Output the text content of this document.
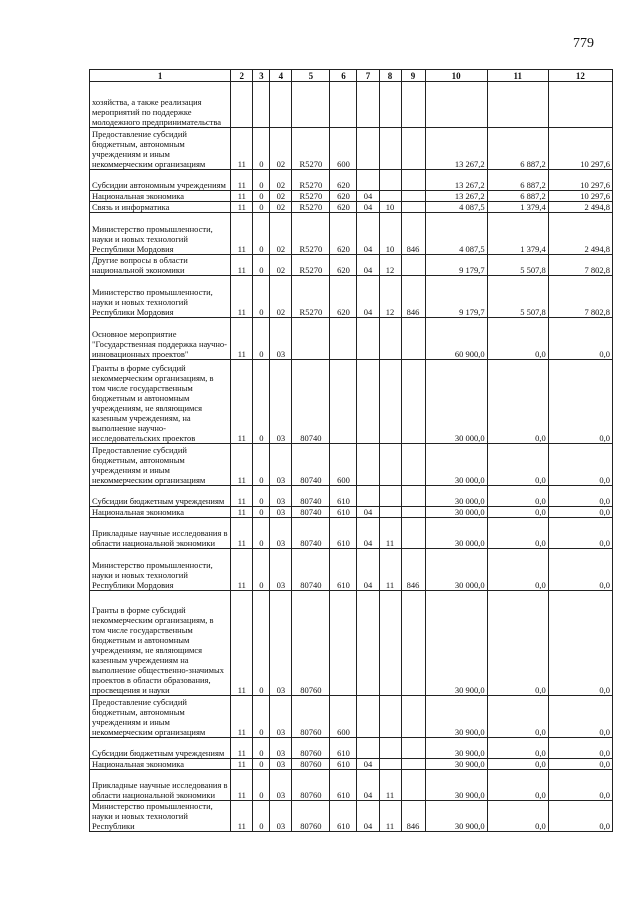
779
1	2	3	4	5	6	7	8	9	10	11	12
хозяйства, а также реализация мероприятий по поддержке молодежного предпринимательства											
Предоставление субсидий бюджетным, автономным учреждениям и иным некоммерческим организациям	11	0	02	R5270	600				13 267,2	6 887,2	10 297,6
Субсидии автономным учреждениям	11	0	02	R5270	620				13 267,2	6 887,2	10 297,6
Национальная экономика	11	0	02	R5270	620	04			13 267,2	6 887,2	10 297,6
Связь и информатика	11	0	02	R5270	620	04	10		4 087,5	1 379,4	2 494,8
Министерство промышленности, науки и новых технологий Республики Мордовия	11	0	02	R5270	620	04	10	846	4 087,5	1 379,4	2 494,8
Другие вопросы в области национальной экономики	11	0	02	R5270	620	04	12		9 179,7	5 507,8	7 802,8
Министерство промышленности, науки и новых технологий Республики Мордовия	11	0	02	R5270	620	04	12	846	9 179,7	5 507,8	7 802,8
Основное мероприятие "Государственная поддержка научно-инновационных проектов"	11	0	03						60 900,0	0,0	0,0
Гранты в форме субсидий некоммерческим организациям, в том числе государственным бюджетным и автономным учреждениям, не являющимся казенным учреждениям, на выполнение научно-исследовательских проектов	11	0	03	80740					30 000,0	0,0	0,0
Предоставление субсидий бюджетным, автономным учреждениям и иным некоммерческим организациям	11	0	03	80740	600				30 000,0	0,0	0,0
Субсидии бюджетным учреждениям	11	0	03	80740	610				30 000,0	0,0	0,0
Национальная экономика	11	0	03	80740	610	04			30 000,0	0,0	0,0
Прикладные научные исследования в области национальной экономики	11	0	03	80740	610	04	11		30 000,0	0,0	0,0
Министерство промышленности, науки и новых технологий Республики Мордовия	11	0	03	80740	610	04	11	846	30 000,0	0,0	0,0
Гранты в форме субсидий некоммерческим организациям, в том числе государственным бюджетным и автономным учреждениям, не являющимся казенным учреждениям на выполнение общественно-значимых проектов в области образования, просвещения и науки	11	0	03	80760					30 900,0	0,0	0,0
Предоставление субсидий бюджетным, автономным учреждениям и иным некоммерческим организациям	11	0	03	80760	600				30 900,0	0,0	0,0
Субсидии бюджетным учреждениям	11	0	03	80760	610				30 900,0	0,0	0,0
Национальная экономика	11	0	03	80760	610	04			30 900,0	0,0	0,0
Прикладные научные исследования в области национальной экономики	11	0	03	80760	610	04	11		30 900,0	0,0	0,0
Министерство промышленности, науки и новых технологий Республики	11	0	03	80760	610	04	11	846	30 900,0	0,0	0,0
